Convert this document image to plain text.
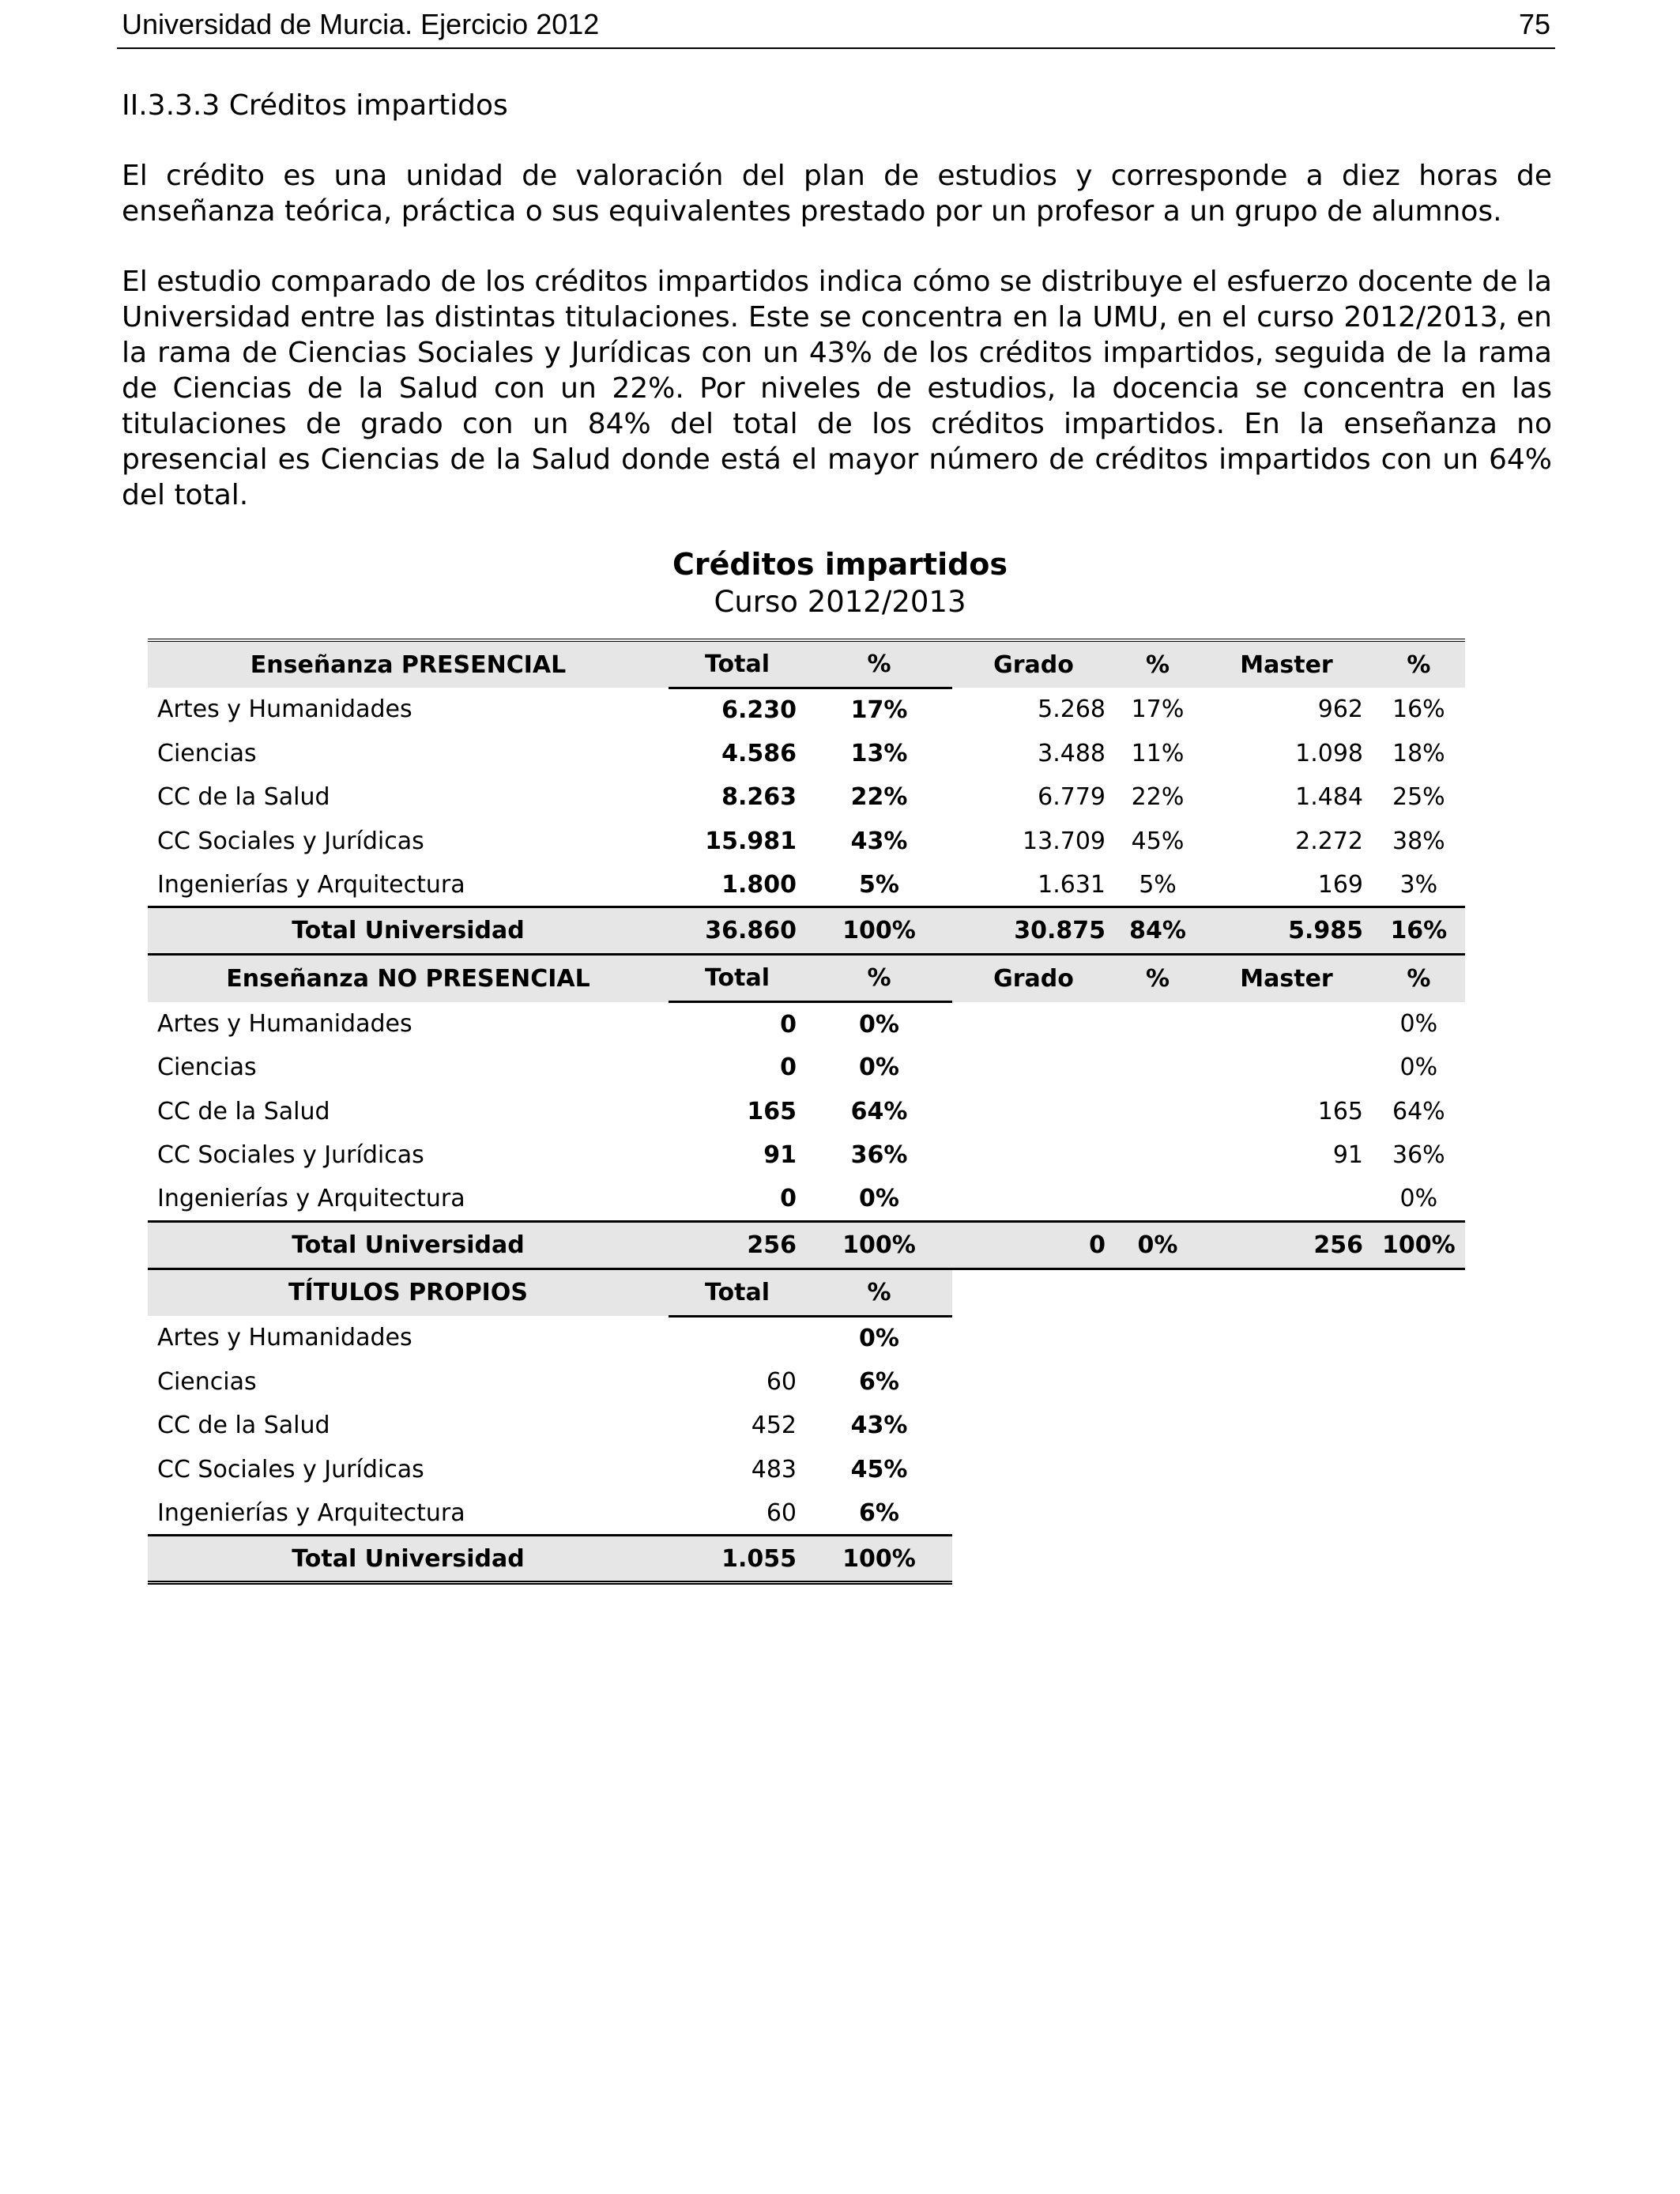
Universidad de Murcia. Ejercicio 2012	75
II.3.3.3 Créditos impartidos
El crédito es una unidad de valoración del plan de estudios y corresponde a diez horas de enseñanza teórica, práctica o sus equivalentes prestado por un profesor a un grupo de alumnos.
El estudio comparado de los créditos impartidos indica cómo se distribuye el esfuerzo docente de la Universidad entre las distintas titulaciones. Este se concentra en la UMU, en el curso 2012/2013, en la rama de Ciencias Sociales y Jurídicas con un 43% de los créditos impartidos, seguida de la rama de Ciencias de la Salud con un 22%. Por niveles de estudios, la docencia se concentra en las titulaciones de grado con un 84% del total de los créditos impartidos. En la enseñanza no presencial es Ciencias de la Salud donde está el mayor número de créditos impartidos con un 64% del total.
Créditos impartidos
Curso 2012/2013
Enseñanza PRESENCIAL	Total	%	Grado	%	Master	%
Artes y Humanidades	6.230	17%	5.268	17%	962	16%
Ciencias	4.586	13%	3.488	11%	1.098	18%
CC de la Salud	8.263	22%	6.779	22%	1.484	25%
CC Sociales y Jurídicas	15.981	43%	13.709	45%	2.272	38%
Ingenierías y Arquitectura	1.800	5%	1.631	5%	169	3%
Total Universidad	36.860	100%	30.875	84%	5.985	16%
Enseñanza NO PRESENCIAL	Total	%	Grado	%	Master	%
Artes y Humanidades	0	0%				0%
Ciencias	0	0%				0%
CC de la Salud	165	64%			165	64%
CC Sociales y Jurídicas	91	36%			91	36%
Ingenierías y Arquitectura	0	0%				0%
Total Universidad	256	100%	0	0%	256	100%
TÍTULOS PROPIOS	Total	%				
Artes y Humanidades		0%				
Ciencias	60	6%				
CC de la Salud	452	43%				
CC Sociales y Jurídicas	483	45%				
Ingenierías y Arquitectura	60	6%				
Total Universidad	1.055	100%				
